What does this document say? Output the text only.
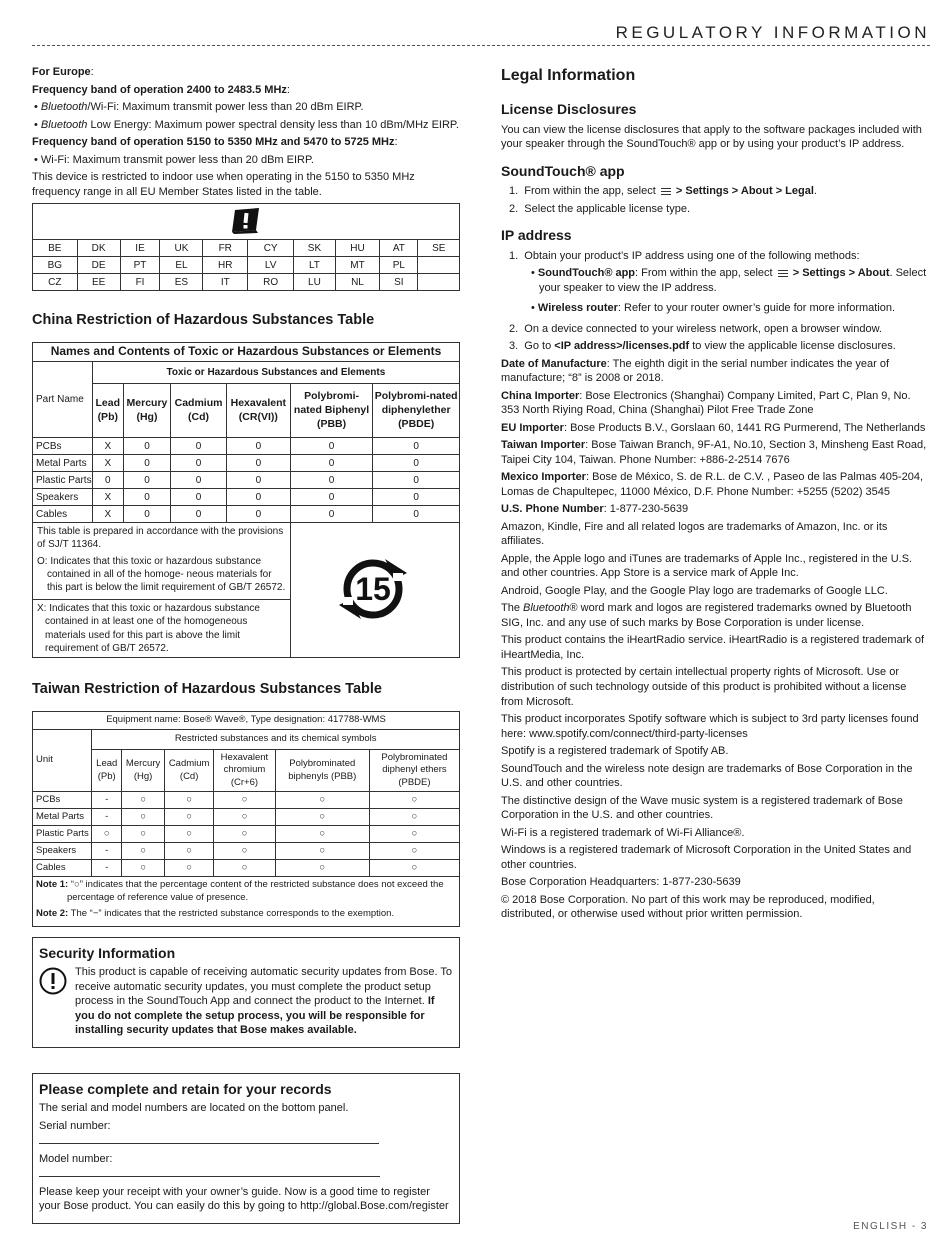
REGULATORY INFORMATION

For Europe:

Frequency band of operation 2400 to 2483.5 MHz:

• Bluetooth/Wi-Fi: Maximum transmit power less than 20 dBm EIRP.

• Bluetooth Low Energy: Maximum power spectral density less than 10 dBm/MHz EIRP.

Frequency band of operation 5150 to 5350 MHz and 5470 to 5725 MHz:

• Wi-Fi: Maximum transmit power less than 20 dBm EIRP.

This device is restricted to indoor use when operating in the 5150 to 5350 MHz frequency range in all EU Member States listed in the table.

BE	DK	IE	UK	FR	CY	SK	HU	AT	SE
BG	DE	PT	EL	HR	LV	LT	MT	PL	
CZ	EE	FI	ES	IT	RO	LU	NL	SI	
China Restriction of Hazardous Substances Table
Names and Contents of Toxic or Hazardous Substances or Elements						
Part Name	Toxic or Hazardous Substances and Elements					
	Lead (Pb)	Mercury (Hg)	Cadmium (Cd)	Hexavalent (CR(VI))	Polybromi-nated Biphenyl (PBB)	Polybromi-nated diphenylether (PBDE)
PCBs	X	0	0	0	0	0
Metal Parts	X	0	0	0	0	0
Plastic Parts	0	0	0	0	0	0
Speakers	X	0	0	0	0	0
Cables	X	0	0	0	0	0

This table is prepared in accordance with the provisions of SJ/T 11364.

O: Indicates that this toxic or hazardous substance contained in all of the homoge- neous materials for this part is below the limit requirement of GB/T 26572.					15	

X: Indicates that this toxic or hazardous substance contained in at least one of the homogeneous materials used for this part is above the limit requirement of GB/T 26572.						
Taiwan Restriction of Hazardous Substances Table
Equipment name: Bose® Wave®, Type designation: 417788-WMS						
Unit	Restricted substances and its chemical symbols					
	Lead (Pb)	Mercury (Hg)	Cadmium (Cd)	Hexavalent chromium (Cr+6)	Polybrominated biphenyls (PBB)	Polybrominated diphenyl ethers (PBDE)
PCBs	-	○	○	○	○	○
Metal Parts	-	○	○	○	○	○
Plastic Parts	○	○	○	○	○	○
Speakers	-	○	○	○	○	○
Cables	-	○	○	○	○	○

Note 1: “○” indicates that the percentage content of the restricted substance does not exceed the percentage of reference value of presence.

Note 2: The “−” indicates that the restricted substance corresponds to the exemption.						

Security Information

This product is capable of receiving automatic security updates from Bose. To receive automatic security updates, you must complete the product setup process in the SoundTouch App and connect the product to the Internet. If you do not complete the setup process, you will be responsible for installing security updates that Bose makes available.

Please complete and retain for your records

The serial and model numbers are located on the bottom panel.

Serial number:

Model number:

Please keep your receipt with your owner’s guide. Now is a good time to register your Bose product. You can easily do this by going to http://global.Bose.com/register

Legal Information
License Disclosures

You can view the license disclosures that apply to the software packages included with your speaker through the SoundTouch® app or by using your product’s IP address.

SoundTouch® app

1.  From within the app, select  > Settings > About > Legal.

2.  Select the applicable license type.

IP address

1.  Obtain your product’s IP address using one of the following methods:

• SoundTouch® app: From within the app, select  > Settings > About. Select your speaker to view the IP address.

• Wireless router: Refer to your router owner’s guide for more information.

2.  On a device connected to your wireless network, open a browser window.

3.  Go to <IP address>/licenses.pdf to view the applicable license disclosures.

Date of Manufacture: The eighth digit in the serial number indicates the year of manufacture; “8” is 2008 or 2018.

China Importer: Bose Electronics (Shanghai) Company Limited, Part C, Plan 9, No. 353 North Riying Road, China (Shanghai) Pilot Free Trade Zone

EU Importer: Bose Products B.V., Gorslaan 60, 1441 RG Purmerend, The Netherlands

Taiwan Importer: Bose Taiwan Branch, 9F-A1, No.10, Section 3, Minsheng East Road, Taipei City 104, Taiwan. Phone Number: +886-2-2514 7676

Mexico Importer: Bose de México, S. de R.L. de C.V. , Paseo de las Palmas 405-204, Lomas de Chapultepec, 11000 México, D.F. Phone Number: +5255 (5202) 3545

U.S. Phone Number: 1-877-230-5639

Amazon, Kindle, Fire and all related logos are trademarks of Amazon, Inc. or its affiliates.

Apple, the Apple logo and iTunes are trademarks of Apple Inc., registered in the U.S. and other countries. App Store is a service mark of Apple Inc.

Android, Google Play, and the Google Play logo are trademarks of Google LLC.

The Bluetooth® word mark and logos are registered trademarks owned by Bluetooth SIG, Inc. and any use of such marks by Bose Corporation is under license.

This product contains the iHeartRadio service. iHeartRadio is a registered trademark of iHeartMedia, Inc.

This product is protected by certain intellectual property rights of Microsoft. Use or distribution of such technology outside of this product is prohibited without a license from Microsoft.

This product incorporates Spotify software which is subject to 3rd party licenses found here: www.spotify.com/connect/third-party-licenses

Spotify is a registered trademark of Spotify AB.

SoundTouch and the wireless note design are trademarks of Bose Corporation in the U.S. and other countries.

The distinctive design of the Wave music system is a registered trademark of Bose Corporation in the U.S. and other countries.

Wi-Fi is a registered trademark of Wi-Fi Alliance®.

Windows is a registered trademark of Microsoft Corporation in the United States and other countries.

Bose Corporation Headquarters: 1-877-230-5639

© 2018 Bose Corporation. No part of this work may be reproduced, modified, distributed, or otherwise used without prior written permission.

ENGLISH - 3
